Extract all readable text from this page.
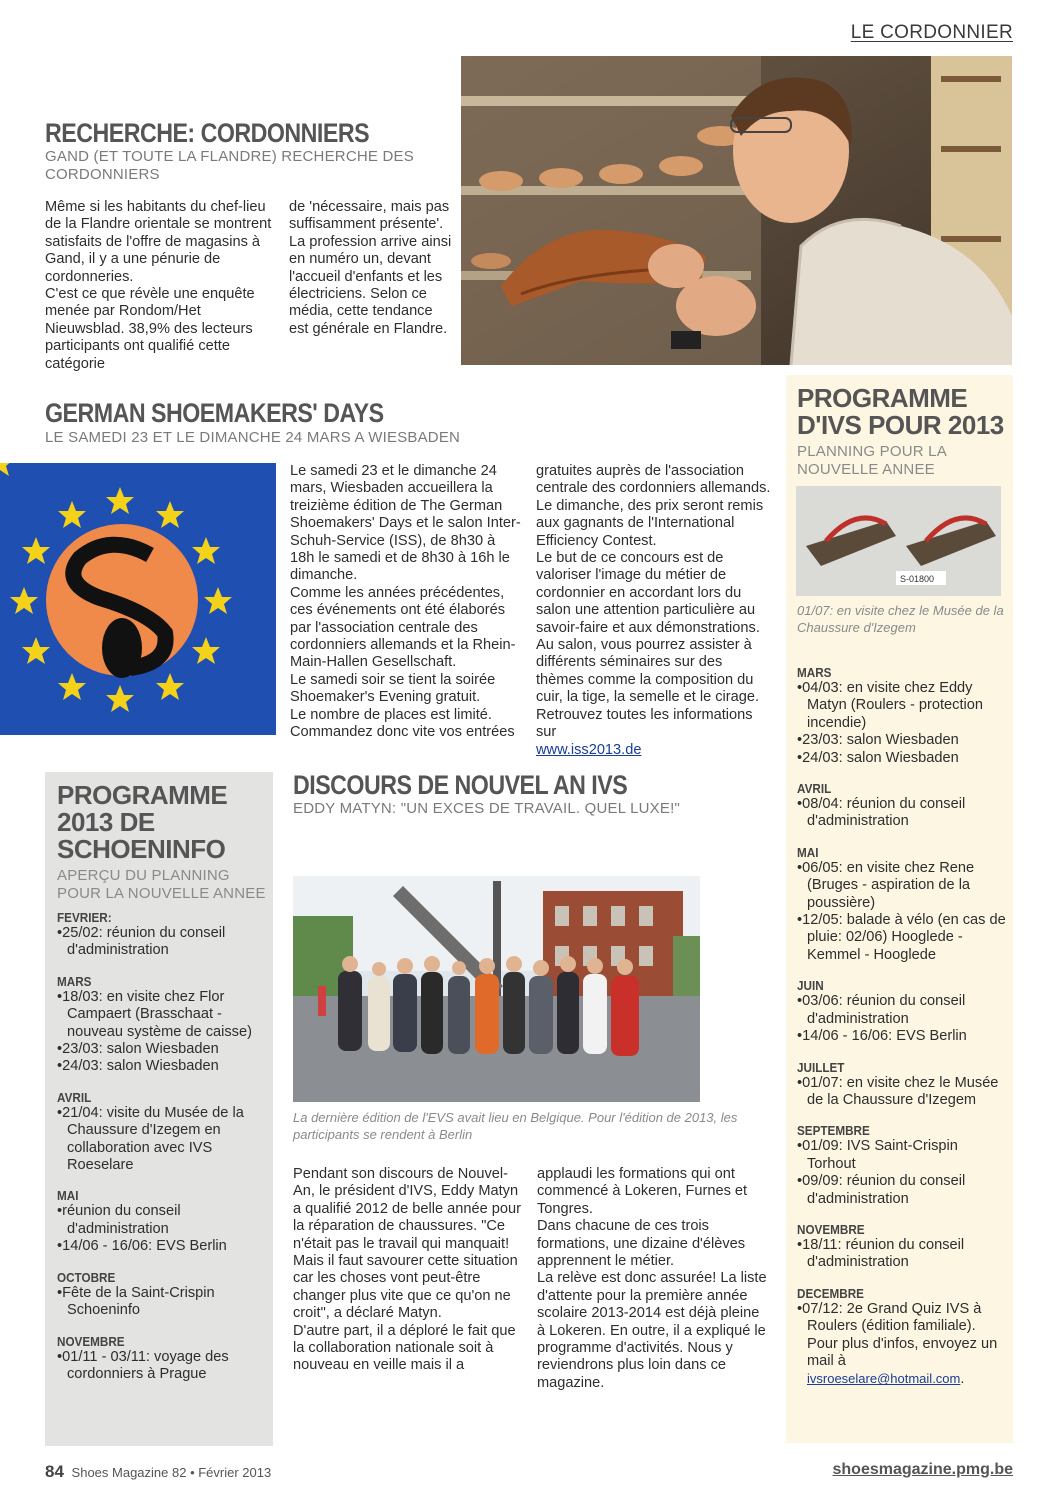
LE CORDONNIER
RECHERCHE: CORDONNIERS
GAND (ET TOUTE LA FLANDRE) RECHERCHE DES CORDONNIERS

Même si les habitants du chef-lieu de la Flandre orientale se montrent satisfaits de l'offre de magasins à Gand, il y a une pénurie de cordonneries.

C'est ce que révèle une enquête menée par Rondom/Het Nieuwsblad. 38,9% des lecteurs participants ont qualifié cette catégorie

de 'nécessaire, mais pas suffisamment présente'.

La profession arrive ainsi en numéro un, devant l'accueil d'enfants et les électriciens. Selon ce média, cette tendance est générale en Flandre.

GERMAN SHOEMAKERS' DAYS
LE SAMEDI 23 ET LE DIMANCHE 24 MARS A WIESBADEN

Le samedi 23 et le dimanche 24 mars, Wiesbaden accueillera la treizième édition de The German Shoemakers' Days et le salon Inter-Schuh-Service (ISS), de 8h30 à 18h le samedi et de 8h30 à 16h le dimanche.

Comme les années précédentes, ces événements ont été élaborés par l'association centrale des cordonniers allemands et la Rhein-Main-Hallen Gesellschaft.

Le samedi soir se tient la soirée Shoemaker's Evening gratuit.

Le nombre de places est limité. Commandez donc vite vos entrées

gratuites auprès de l'association centrale des cordonniers allemands.

Le dimanche, des prix seront remis aux gagnants de l'International Efficiency Contest.

Le but de ce concours est de valoriser l'image du métier de cordonnier en accordant lors du salon une attention particulière au savoir-faire et aux démonstrations.

Au salon, vous pourrez assister à différents séminaires sur des thèmes comme la composition du cuir, la tige, la semelle et le cirage.

Retrouvez toutes les informations sur

www.iss2013.de

PROGRAMME 2013 DE SCHOENINFO
APERÇU DU PLANNING POUR LA NOUVELLE ANNEE
FEVRIER:
•25/02: réunion du conseil d'administration
MARS
•18/03: en visite chez Flor Campaert (Brasschaat - nouveau système de caisse)
•23/03: salon Wiesbaden
•24/03: salon Wiesbaden
AVRIL
•21/04: visite du Musée de la Chaussure d'Izegem en collaboration avec IVS Roeselare
MAI
•réunion du conseil d'administration
•14/06 - 16/06: EVS Berlin
OCTOBRE
•Fête de la Saint-Crispin Schoeninfo
NOVEMBRE
•01/11 - 03/11: voyage des cordonniers à Prague
DISCOURS DE NOUVEL AN IVS
EDDY MATYN: "UN EXCES DE TRAVAIL. QUEL LUXE!"
La dernière édition de l'EVS avait lieu en Belgique. Pour l'édition de 2013, les participants se rendent à Berlin

Pendant son discours de Nouvel-An, le président d'IVS, Eddy Matyn a qualifié 2012 de belle année pour la réparation de chaussures. "Ce n'était pas le travail qui manquait! Mais il faut savourer cette situation car les choses vont peut-être changer plus vite que ce qu'on ne croit", a déclaré Matyn.

D'autre part, il a déploré le fait que la collaboration nationale soit à nouveau en veille mais il a

applaudi les formations qui ont commencé à Lokeren, Furnes et Tongres.

Dans chacune de ces trois formations, une dizaine d'élèves apprennent le métier.

La relève est donc assurée! La liste d'attente pour la première année scolaire 2013-2014 est déjà pleine à Lokeren. En outre, il a expliqué le programme d'activités. Nous y reviendrons plus loin dans ce magazine.

PROGRAMME D'IVS POUR 2013
PLANNING POUR LA NOUVELLE ANNEE
S-01800
01/07: en visite chez le Musée de la Chaussure d'Izegem
MARS
•04/03: en visite chez Eddy Matyn (Roulers - protection incendie)
•23/03: salon Wiesbaden
•24/03: salon Wiesbaden
AVRIL
•08/04: réunion du conseil d'administration
MAI
•06/05: en visite chez Rene (Bruges - aspiration de la poussière)
•12/05: balade à vélo (en cas de pluie: 02/06) Hooglede - Kemmel - Hooglede
JUIN
•03/06: réunion du conseil d'administration
•14/06 - 16/06: EVS Berlin
JUILLET
•01/07: en visite chez le Musée de la Chaussure d'Izegem
SEPTEMBRE
•01/09: IVS Saint-Crispin Torhout
•09/09: réunion du conseil d'administration
NOVEMBRE
•18/11: réunion du conseil d'administration
DECEMBRE
•07/12: 2e Grand Quiz IVS à Roulers (édition familiale). Pour plus d'infos, envoyez un mail à ivsroeselare@hotmail.com.
84 Shoes Magazine 82 • Février 2013	shoesmagazine.pmg.be
